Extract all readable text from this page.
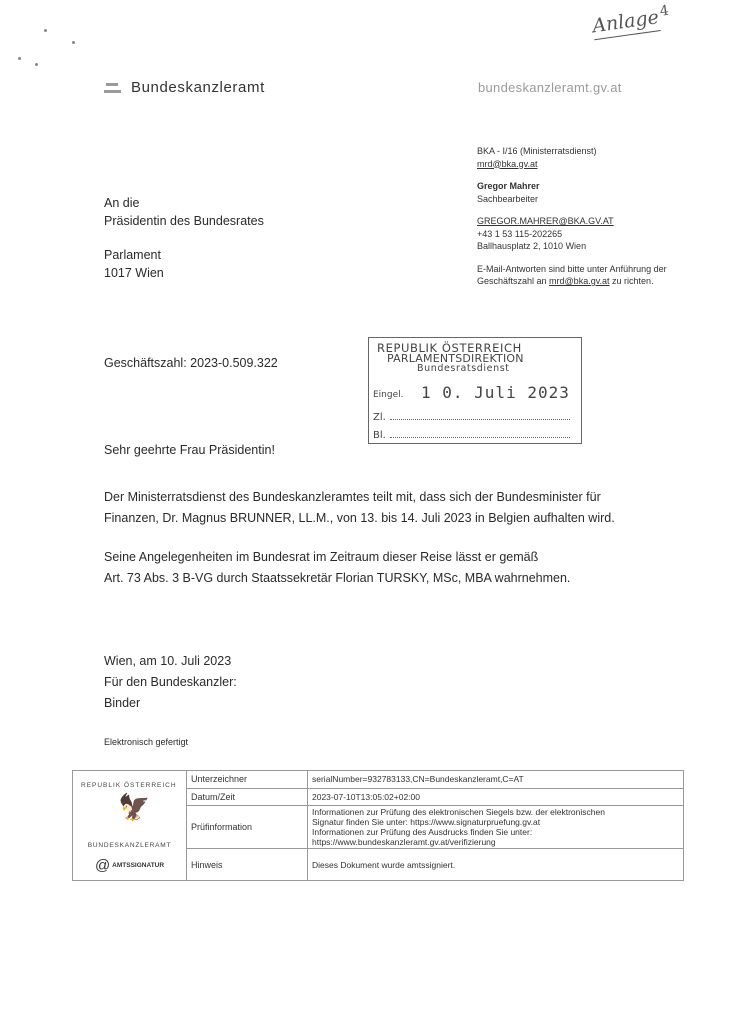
Anlage$^4$
Bundeskanzleramt	bundeskanzleramt.gv.at
BKA - I/16 (Ministerratsdienst)
mrd@bka.gv.at
Gregor Mahrer
Sachbearbeiter
GREGOR.MAHRER@BKA.GV.AT
+43 1 53 115-202265
Ballhausplatz 2, 1010 Wien
E-Mail-Antworten sind bitte unter Anführung der
Geschäftszahl an mrd@bka.gv.at zu richten.
An die
Präsidentin des Bundesrates
Parlament
1017 Wien
Geschäftszahl: 2023-0.509.322
REPUBLIK ÖSTERREICH
PARLAMENTSDIREKTION
Bundesratsdienst
Eingel. 1 0. Juli 2023
Zl.
Bl.
Sehr geehrte Frau Präsidentin!
Der Ministerratsdienst des Bundeskanzleramtes teilt mit, dass sich der Bundesminister für
Finanzen, Dr. Magnus BRUNNER, LL.M., von 13. bis 14. Juli 2023 in Belgien aufhalten wird.
Seine Angelegenheiten im Bundesrat im Zeitraum dieser Reise lässt er gemäß
Art. 73 Abs. 3 B-VG durch Staatssekretär Florian TURSKY, MSc, MBA wahrnehmen.
Wien, am 10. Juli 2023
Für den Bundeskanzler:
Binder
Elektronisch gefertigt
REPUBLIK ÖSTERREICH
🦅
BUNDESKANZLERAMT
@ AMTSSIGNATUR	Unterzeichner	serialNumber=932783133,CN=Bundeskanzleramt,C=AT
	Datum/Zeit	2023-07-10T13:05:02+02:00
	Prüfinformation	Informationen zur Prüfung des elektronischen Siegels bzw. der elektronischen
Signatur finden Sie unter: https://www.signaturpruefung.gv.at
Informationen zur Prüfung des Ausdrucks finden Sie unter:
https://www.bundeskanzleramt.gv.at/verifizierung

	Hinweis	Dieses Dokument wurde amtssigniert.
